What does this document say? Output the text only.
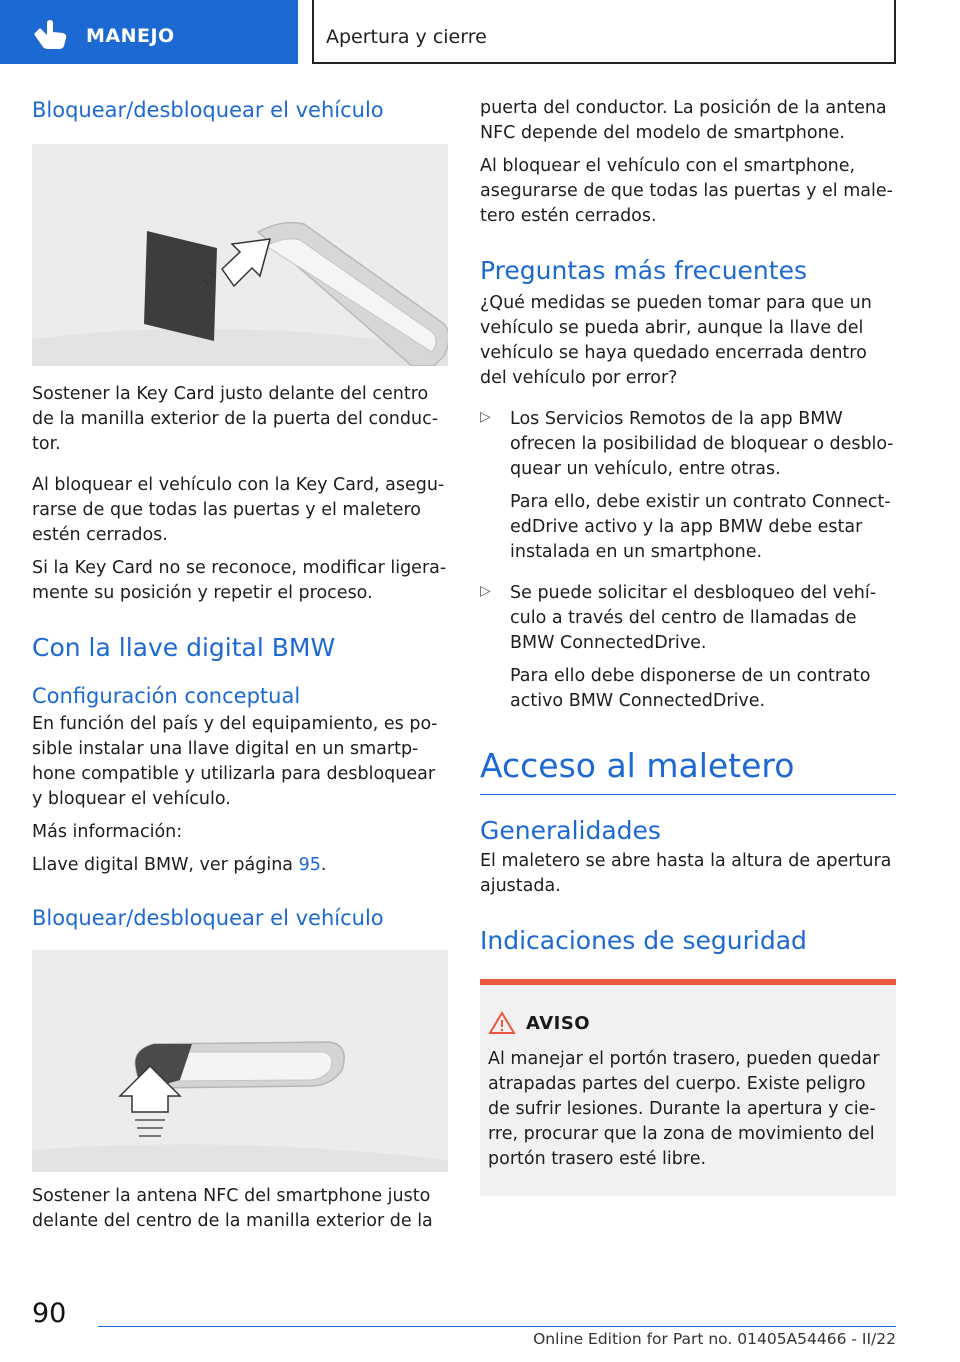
MANEJO	Apertura y cierre
Bloquear/desbloquear el vehículo

Sostener la Key Card justo delante del centro de la manilla exterior de la puerta del conduc‐tor.

Al bloquear el vehículo con la Key Card, asegu‐rarse de que todas las puertas y el maletero estén cerrados.

Si la Key Card no se reconoce, modificar ligera‐mente su posición y repetir el proceso.

Con la llave digital BMW
Configuración conceptual

En función del país y del equipamiento, es po‐sible instalar una llave digital en un smartp‐hone compatible y utilizarla para desbloquear y bloquear el vehículo.

Más información:

Llave digital BMW, ver página 95.

Bloquear/desbloquear el vehículo

Sostener la antena NFC del smartphone justo delante del centro de la manilla exterior de la

puerta del conductor. La posición de la antena NFC depende del modelo de smartphone.

Al bloquear el vehículo con el smartphone, asegurarse de que todas las puertas y el male‐tero estén cerrados.

Preguntas más frecuentes

¿Qué medidas se pueden tomar para que un vehículo se pueda abrir, aunque la llave del vehículo se haya quedado encerrada dentro del vehículo por error?

▷ Los Servicios Remotos de la app BMW ofrecen la posibilidad de bloquear o desblo‐quear un vehículo, entre otras.

Para ello, debe existir un contrato Connect‐edDrive activo y la app BMW debe estar instalada en un smartphone.

▷ Se puede solicitar el desbloqueo del vehí‐culo a través del centro de llamadas de BMW ConnectedDrive.

Para ello debe disponerse de un contrato activo BMW ConnectedDrive.

Acceso al maletero
Generalidades

El maletero se abre hasta la altura de apertura ajustada.

Indicaciones de seguridad
AVISO

Al manejar el portón trasero, pueden quedar atrapadas partes del cuerpo. Existe peligro de sufrir lesiones. Durante la apertura y cie‐rre, procurar que la zona de movimiento del portón trasero esté libre.

90
Online Edition for Part no. 01405A54466 - II/22
